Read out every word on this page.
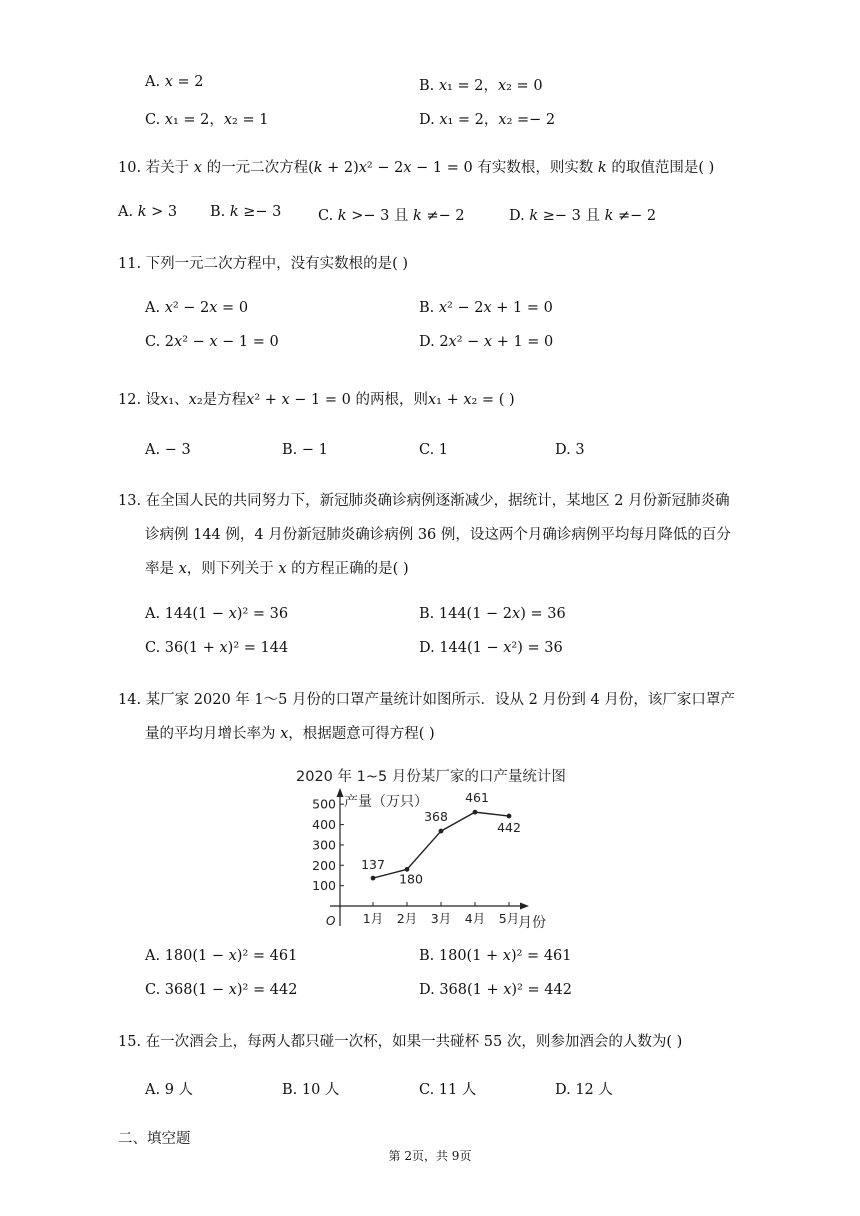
A. 𝑥 = 2	B. 𝑥₁ = 2，𝑥₂ = 0
C. 𝑥₁ = 2，𝑥₂ = 1	D. 𝑥₁ = 2，𝑥₂ =− 2
10. 若关于 𝑥 的一元二次方程(𝑘 + 2)𝑥² − 2𝑥 − 1 = 0 有实数根，则实数 𝑘 的取值范围是( )
A. 𝑘 > 3 B. 𝑘 ≥− 3	C. 𝑘 >− 3 且 𝑘 ≠− 2	D. 𝑘 ≥− 3 且 𝑘 ≠− 2
11. 下列一元二次方程中，没有实数根的是( )
A. 𝑥² − 2𝑥 = 0	B. 𝑥² − 2𝑥 + 1 = 0
C. 2𝑥² − 𝑥 − 1 = 0	D. 2𝑥² − 𝑥 + 1 = 0
12. 设𝑥₁、𝑥₂是方程𝑥² + 𝑥 − 1 = 0 的两根，则𝑥₁ + 𝑥₂ = ( )
A. − 3	B. − 1	C. 1	D. 3
13. 在全国人民的共同努力下，新冠肺炎确诊病例逐渐减少，据统计，某地区 2 月份新冠肺炎确
诊病例 144 例，4 月份新冠肺炎确诊病例 36 例，设这两个月确诊病例平均每月降低的百分
率是 𝑥，则下列关于 𝑥 的方程正确的是( )
A. 144(1 − 𝑥)² = 36	B. 144(1 − 2𝑥) = 36
C. 36(1 + 𝑥)² = 144	D. 144(1 − 𝑥²) = 36
14. 某厂家 2020 年 1～5 月份的口罩产量统计如图所示．设从 2 月份到 4 月份，该厂家口罩产
量的平均月增长率为 𝑥，根据题意可得方程( )
2020 年 1~5 月份某厂家的口产量统计图
产量（万只）
月份
O
100
200
300
400
500
1月 2月 3月 4月 5月
137
180
368
461
442
A. 180(1 − 𝑥)² = 461	B. 180(1 + 𝑥)² = 461
C. 368(1 − 𝑥)² = 442	D. 368(1 + 𝑥)² = 442
15. 在一次酒会上，每两人都只碰一次杯，如果一共碰杯 55 次，则参加酒会的人数为( )
A. 9 人	B. 10 人	C. 11 人	D. 12 人
二、填空题
第 2页，共 9页
